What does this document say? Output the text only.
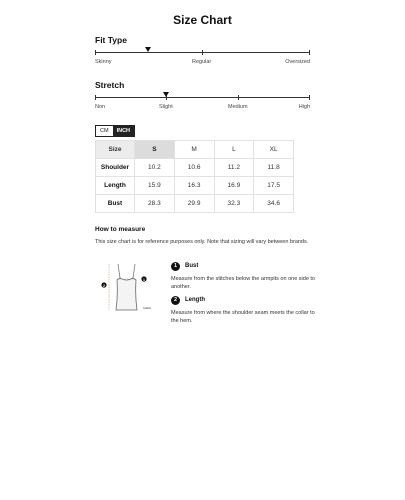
Size Chart
Fit Type
Skinny	Regular	Oversized
Stretch
Non	Slight	Medium	High
CM	INCH
Size	S	M	L	XL
Shoulder	10.2	10.6	11.2	11.8
Length	15.9	16.3	16.9	17.5
Bust	28.3	29.9	32.3	34.6
How to measure
This size chart is for reference purposes only. Note that sizing will vary between brands.
1
2
SHEIN
1	Bust
Measure from the stitches below the armpits on one side to another.
2	Length
Measure from where the shoulder seam meets the collar to the hem.
